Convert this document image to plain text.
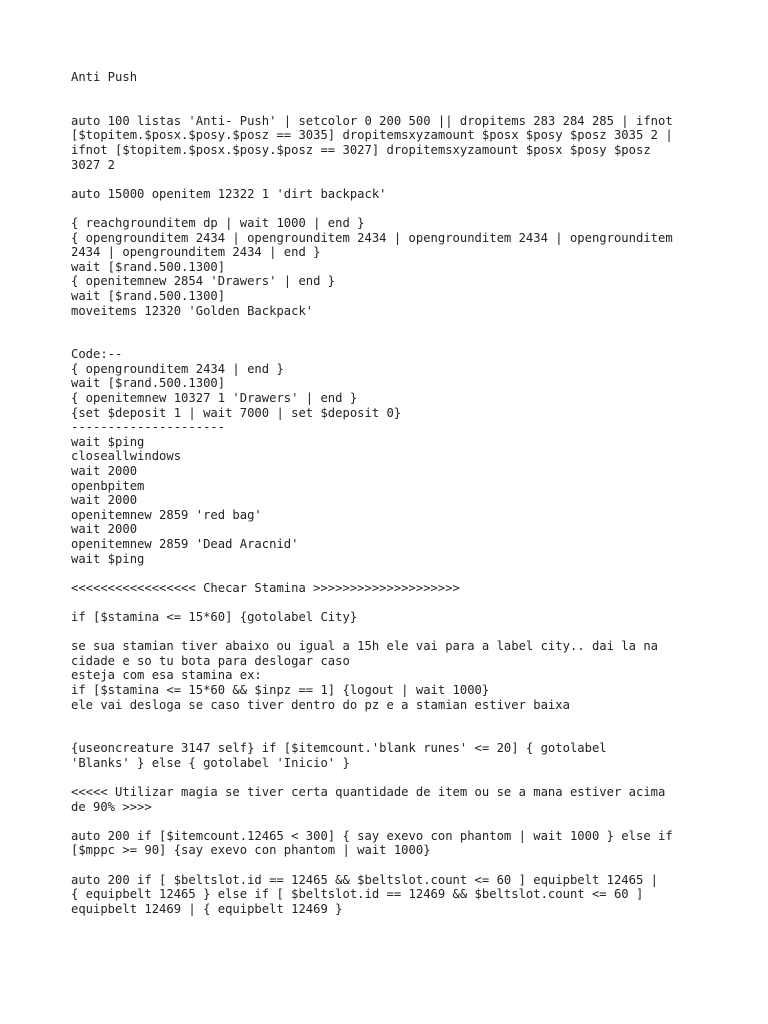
Anti Push
auto 100 listas 'Anti- Push' | setcolor 0 200 500 || dropitems 283 284 285 | ifnot
[$topitem.$posx.$posy.$posz == 3035] dropitemsxyzamount $posx $posy $posz 3035 2 |
ifnot [$topitem.$posx.$posy.$posz == 3027] dropitemsxyzamount $posx $posy $posz
3027 2
auto 15000 openitem 12322 1 'dirt backpack'
{ reachgrounditem dp | wait 1000 | end }
{ opengrounditem 2434 | opengrounditem 2434 | opengrounditem 2434 | opengrounditem
2434 | opengrounditem 2434 | end }
wait [$rand.500.1300]
{ openitemnew 2854 'Drawers' | end }
wait [$rand.500.1300]
moveitems 12320 'Golden Backpack'
Code:--
{ opengrounditem 2434 | end }
wait [$rand.500.1300]
{ openitemnew 10327 1 'Drawers' | end }
{set $deposit 1 | wait 7000 | set $deposit 0}
---------------------
wait $ping
closeallwindows
wait 2000
openbpitem
wait 2000
openitemnew 2859 'red bag'
wait 2000
openitemnew 2859 'Dead Aracnid'
wait $ping
<<<<<<<<<<<<<<<<< Checar Stamina >>>>>>>>>>>>>>>>>>>>
if [$stamina <= 15*60] {gotolabel City}
se sua stamian tiver abaixo ou igual a 15h ele vai para a label city.. dai la na
cidade e so tu bota para deslogar caso
esteja com esa stamina ex:
if [$stamina <= 15*60 && $inpz == 1] {logout | wait 1000}
ele vai desloga se caso tiver dentro do pz e a stamian estiver baixa
{useoncreature 3147 self} if [$itemcount.'blank runes' <= 20] { gotolabel
'Blanks' } else { gotolabel 'Inicio' }
<<<<< Utilizar magia se tiver certa quantidade de item ou se a mana estiver acima
de 90% >>>>
auto 200 if [$itemcount.12465 < 300] { say exevo con phantom | wait 1000 } else if
[$mppc >= 90] {say exevo con phantom | wait 1000}
auto 200 if [ $beltslot.id == 12465 && $beltslot.count <= 60 ] equipbelt 12465 |
{ equipbelt 12465 } else if [ $beltslot.id == 12469 && $beltslot.count <= 60 ]
equipbelt 12469 | { equipbelt 12469 }
